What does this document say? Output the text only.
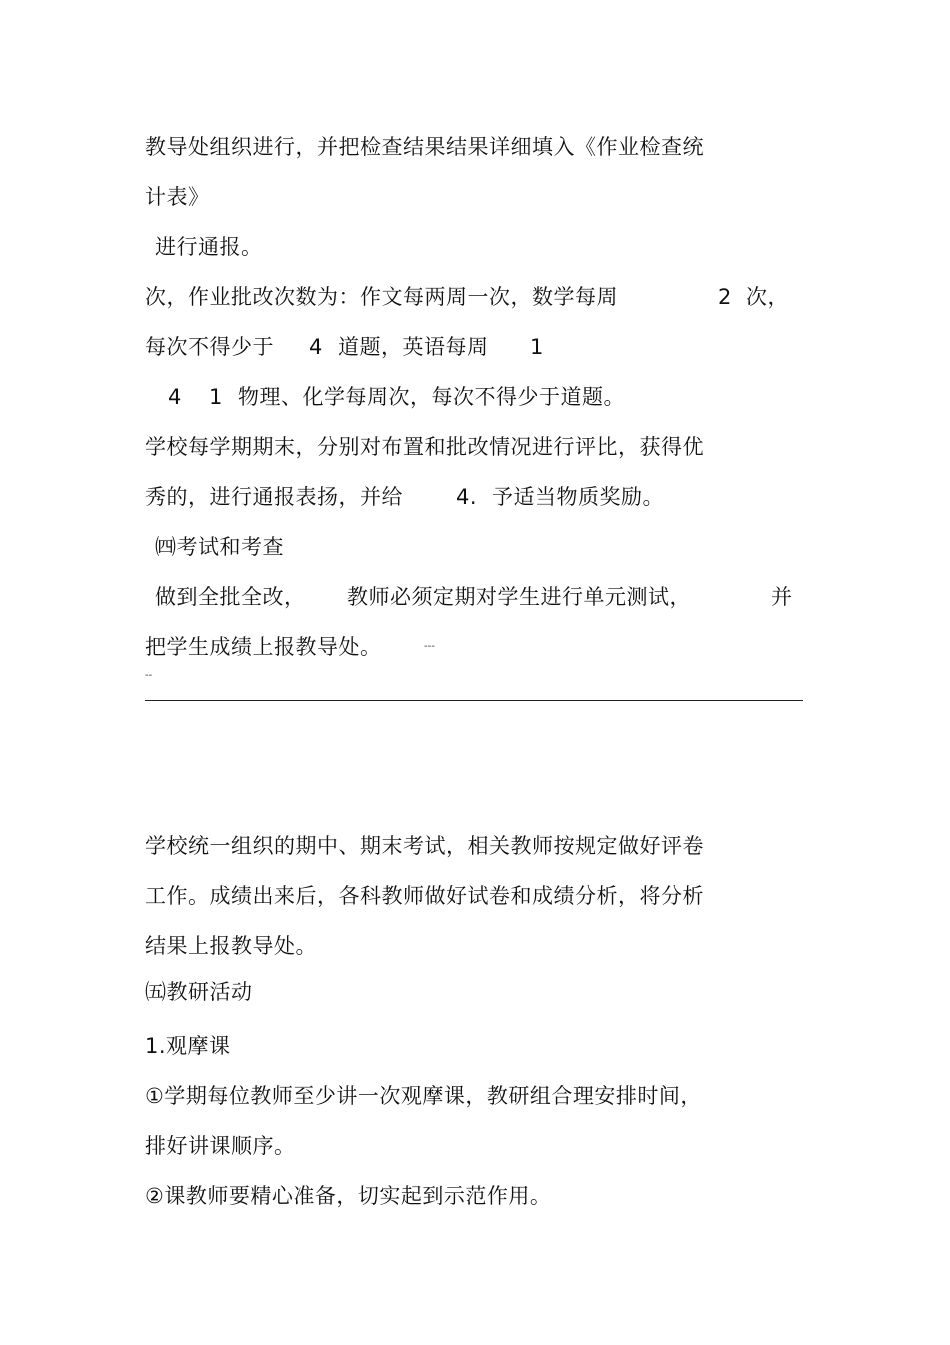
教导处组织进行，并把检查结果结果详细填入《作业检查统
计表》
进行通报。
次，作业批改次数为：作文每两周一次，数学每周	2 次，
每次不得少于 4 道题，英语每周 1
4 1 物理、化学每周次，每次不得少于道题。
学校每学期期末，分别对布置和批改情况进行评比，获得优
秀的，进行通报表扬，并给	4. 予适当物质奖励。
㈣考试和考查
做到全批全改， 教师必须定期对学生进行单元测试，	并
把学生成绩上报教导处。	---
--
学校统一组织的期中、期末考试，相关教师按规定做好评卷
工作。成绩出来后，各科教师做好试卷和成绩分析，将分析
结果上报教导处。
㈤教研活动
1.观摩课
①学期每位教师至少讲一次观摩课，教研组合理安排时间，
排好讲课顺序。
②课教师要精心准备，切实起到示范作用。
